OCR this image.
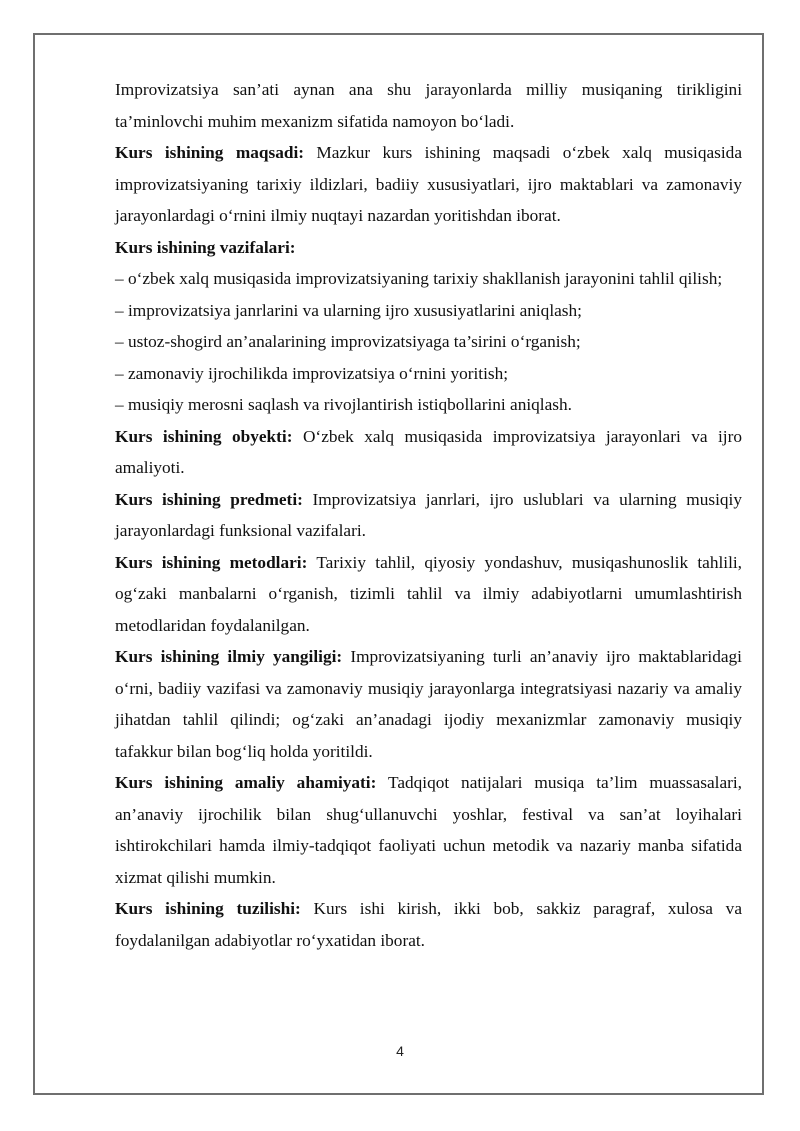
Improvizatsiya san’ati aynan ana shu jarayonlarda milliy musiqaning tirikligini ta’minlovchi muhim mexanizm sifatida namoyon bo‘ladi.

Kurs ishining maqsadi: Mazkur kurs ishining maqsadi o‘zbek xalq musiqasida improvizatsiyaning tarixiy ildizlari, badiiy xususiyatlari, ijro maktablari va zamonaviy jarayonlardagi o‘rnini ilmiy nuqtayi nazardan yoritishdan iborat.

Kurs ishining vazifalari:

– o‘zbek xalq musiqasida improvizatsiyaning tarixiy shakllanish jarayonini tahlil qilish;

– improvizatsiya janrlarini va ularning ijro xususiyatlarini aniqlash;

– ustoz-shogird an’analarining improvizatsiyaga ta’sirini o‘rganish;

– zamonaviy ijrochilikda improvizatsiya o‘rnini yoritish;

– musiqiy merosni saqlash va rivojlantirish istiqbollarini aniqlash.

Kurs ishining obyekti: O‘zbek xalq musiqasida improvizatsiya jarayonlari va ijro amaliyoti.

Kurs ishining predmeti: Improvizatsiya janrlari, ijro uslublari va ularning musiqiy jarayonlardagi funksional vazifalari.

Kurs ishining metodlari: Tarixiy tahlil, qiyosiy yondashuv, musiqashunoslik tahlili, og‘zaki manbalarni o‘rganish, tizimli tahlil va ilmiy adabiyotlarni umumlashtirish metodlaridan foydalanilgan.

Kurs ishining ilmiy yangiligi: Improvizatsiyaning turli an’anaviy ijro maktablaridagi o‘rni, badiiy vazifasi va zamonaviy musiqiy jarayonlarga integratsiyasi nazariy va amaliy jihatdan tahlil qilindi; og‘zaki an’anadagi ijodiy mexanizmlar zamonaviy musiqiy tafakkur bilan bog‘liq holda yoritildi.

Kurs ishining amaliy ahamiyati: Tadqiqot natijalari musiqa ta’lim muassasalari, an’anaviy ijrochilik bilan shug‘ullanuvchi yoshlar, festival va san’at loyihalari ishtirokchilari hamda ilmiy-tadqiqot faoliyati uchun metodik va nazariy manba sifatida xizmat qilishi mumkin.

Kurs ishining tuzilishi: Kurs ishi kirish, ikki bob, sakkiz paragraf, xulosa va foydalanilgan adabiyotlar ro‘yxatidan iborat.

4
